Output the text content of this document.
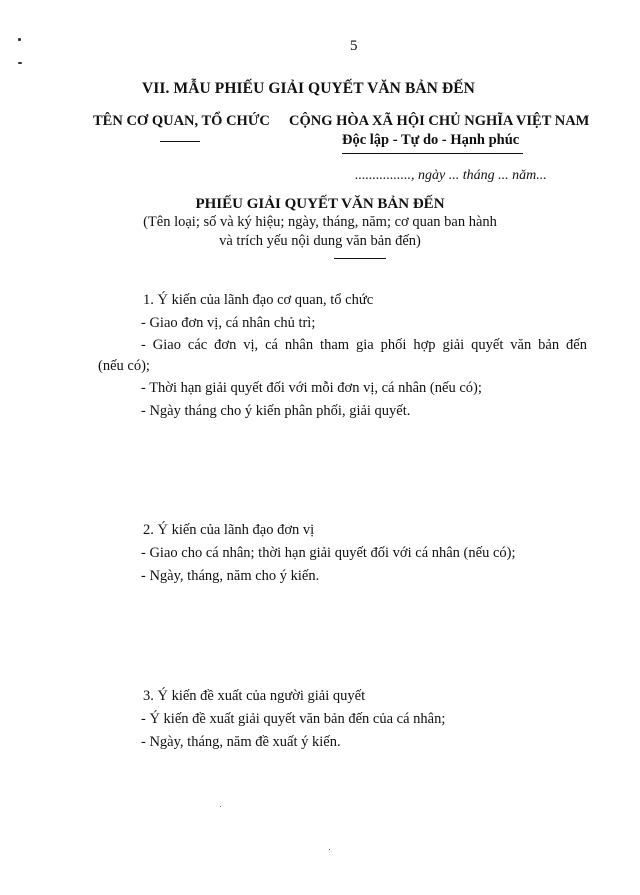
5
VII. MẪU PHIẾU GIẢI QUYẾT VĂN BẢN ĐẾN
TÊN CƠ QUAN, TỔ CHỨC CỘNG HÒA XÃ HỘI CHỦ NGHĨA VIỆT NAM
Độc lập - Tự do - Hạnh phúc
................, ngày ... tháng ... năm...
PHIẾU GIẢI QUYẾT VĂN BẢN ĐẾN
(Tên loại; số và ký hiệu; ngày, tháng, năm; cơ quan ban hành
và trích yếu nội dung văn bản đến)
1. Ý kiến của lãnh đạo cơ quan, tổ chức
- Giao đơn vị, cá nhân chủ trì;
- Giao các đơn vị, cá nhân tham gia phối hợp giải quyết văn bản đến
(nếu có);
- Thời hạn giải quyết đối với mỗi đơn vị, cá nhân (nếu có);
- Ngày tháng cho ý kiến phân phối, giải quyết.
2. Ý kiến của lãnh đạo đơn vị
- Giao cho cá nhân; thời hạn giải quyết đối với cá nhân (nếu có);
- Ngày, tháng, năm cho ý kiến.
3. Ý kiến đề xuất của người giải quyết
- Ý kiến đề xuất giải quyết văn bản đến của cá nhân;
- Ngày, tháng, năm đề xuất ý kiến.
